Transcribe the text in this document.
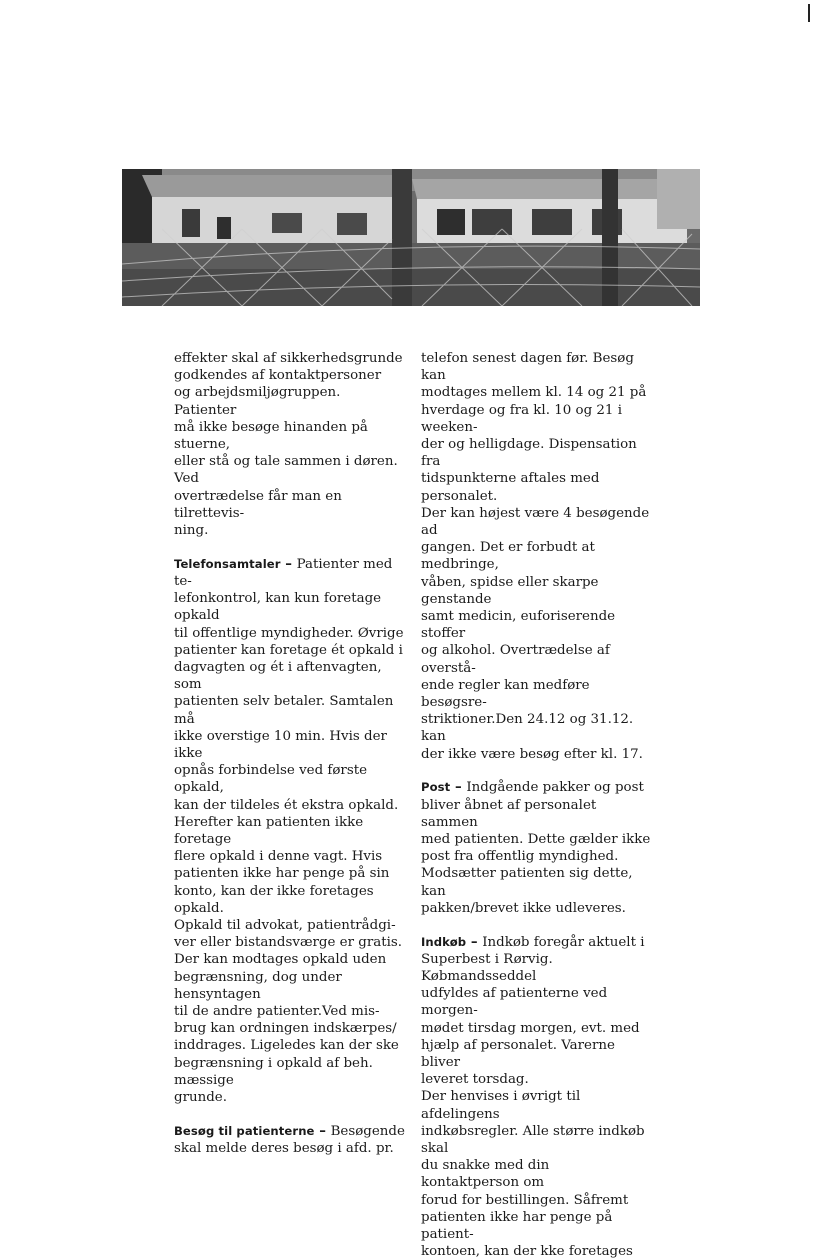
effekter skal af sikkerhedsgrunde
godkendes af kontaktpersoner
og arbejdsmiljøgruppen. Patienter
må ikke besøge hinanden på stuerne,
eller stå og tale sammen i døren. Ved
overtrædelse får man en tilrettevis-
ning.

Telefonsamtaler – Patienter med te-
lefonkontrol, kan kun foretage opkald
til offentlige myndigheder. Øvrige
patienter kan foretage ét opkald i
dagvagten og ét i aftenvagten, som
patienten selv betaler. Samtalen må
ikke overstige 10 min. Hvis der ikke
opnås forbindelse ved første opkald,
kan der tildeles ét ekstra opkald.
Herefter kan patienten ikke foretage
flere opkald i denne vagt. Hvis
patienten ikke har penge på sin
konto, kan der ikke foretages opkald.
Opkald til advokat, patientrådgi-
ver eller bistandsværge er gratis.
Der kan modtages opkald uden
begrænsning, dog under hensyntagen
til de andre patienter.Ved mis-
brug kan ordningen indskærpes/
inddrages. Ligeledes kan der ske
begrænsning i opkald af beh. mæssige
grunde.

Besøg til patienterne – Besøgende
skal melde deres besøg i afd. pr.

telefon senest dagen før. Besøg kan
modtages mellem kl. 14 og 21 på
hverdage og fra kl. 10 og 21 i weeken-
der og helligdage. Dispensation fra
tidspunkterne aftales med personalet.
Der kan højest være 4 besøgende ad
gangen. Det er forbudt at medbringe,
våben, spidse eller skarpe genstande
samt medicin, euforiserende stoffer
og alkohol. Overtrædelse af overstå-
ende regler kan medføre besøgsre-
striktioner.Den 24.12 og 31.12. kan
der ikke være besøg efter kl. 17.

Post – Indgående pakker og post
bliver åbnet af personalet sammen
med patienten. Dette gælder ikke
post fra offentlig myndighed.
Modsætter patienten sig dette, kan
pakken/brevet ikke udleveres.

Indkøb – Indkøb foregår aktuelt i
Superbest i Rørvig. Købmandsseddel
udfyldes af patienterne ved morgen-
mødet tirsdag morgen, evt. med
hjælp af personalet. Varerne bliver
leveret torsdag.
Der henvises i øvrigt til afdelingens
indkøbsregler. Alle større indkøb skal
du snakke med din kontaktperson om
forud for bestillingen. Såfremt
patienten ikke har penge på patient-
kontoen, kan der kke foretages
